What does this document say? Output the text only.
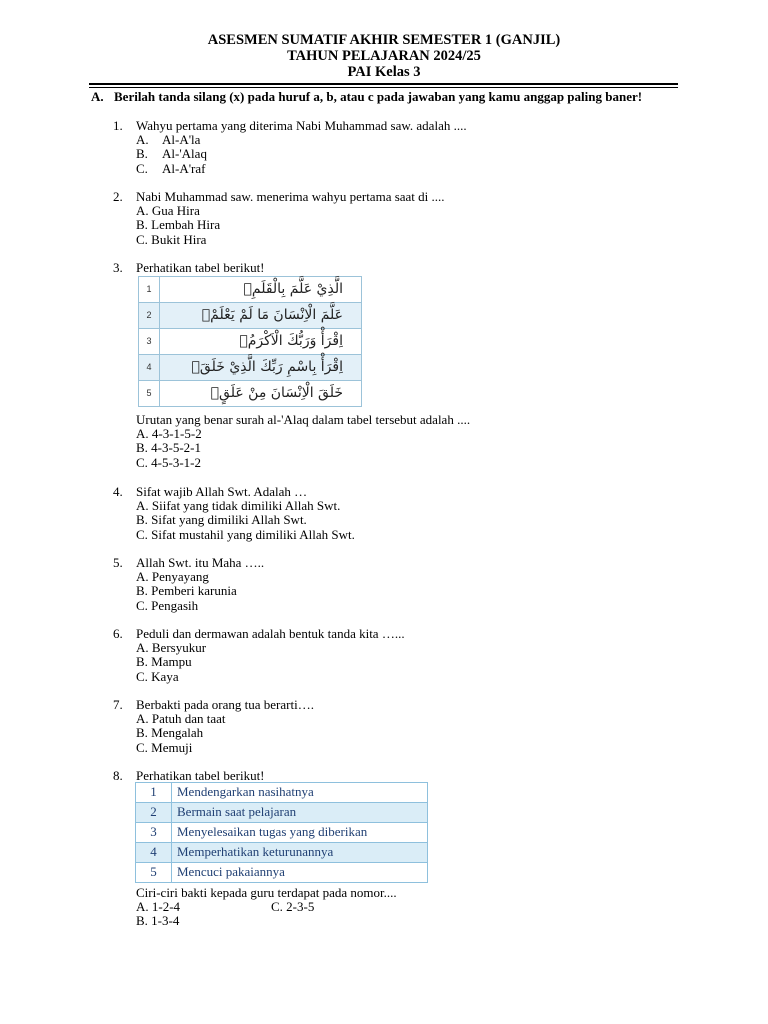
ASESMEN SUMATIF AKHIR SEMESTER 1 (GANJIL)
TAHUN PELAJARAN 2024/25
PAI Kelas 3
A. Berilah tanda silang (x) pada huruf a, b, atau c pada jawaban yang kamu anggap paling baner!
1. Wahyu pertama yang diterima Nabi Muhammad saw. adalah ....
A. Al-A'la
B. Al-'Alaq
C. Al-A'raf
2. Nabi Muhammad saw. menerima wahyu pertama saat di ....
A. Gua Hira
B. Lembah Hira
C. Bukit Hira
3. Perhatikan tabel berikut!
1	الَّذِيْ عَلَّمَ بِالْقَلَمِۙ
2	عَلَّمَ الْاِنْسَانَ مَا لَمْ يَعْلَمْۗ
3	اِقْرَأْ وَرَبُّكَ الْاَكْرَمُۙ
4	اِقْرَأْ بِاسْمِ رَبِّكَ الَّذِيْ خَلَقَۚ
5	خَلَقَ الْاِنْسَانَ مِنْ عَلَقٍۚ
Urutan yang benar surah al-'Alaq dalam tabel tersebut adalah ....
A. 4-3-1-5-2
B. 4-3-5-2-1
C. 4-5-3-1-2
4. Sifat wajib Allah Swt. Adalah …
A. Siifat yang tidak dimiliki Allah Swt.
B. Sifat yang dimiliki Allah Swt.
C. Sifat mustahil yang dimiliki Allah Swt.
5. Allah Swt. itu Maha …..
A. Penyayang
B. Pemberi karunia
C. Pengasih
6. Peduli dan dermawan adalah bentuk tanda kita …...
A. Bersyukur
B. Mampu
C. Kaya
7. Berbakti pada orang tua berarti….
A. Patuh dan taat
B. Mengalah
C. Memuji
8. Perhatikan tabel berikut!
1	Mendengarkan nasihatnya
2	Bermain saat pelajaran
3	Menyelesaikan tugas yang diberikan
4	Memperhatikan keturunannya
5	Mencuci pakaiannya
Ciri-ciri bakti kepada guru terdapat pada nomor....
A. 1-2-4	C. 2-3-5
B. 1-3-4
